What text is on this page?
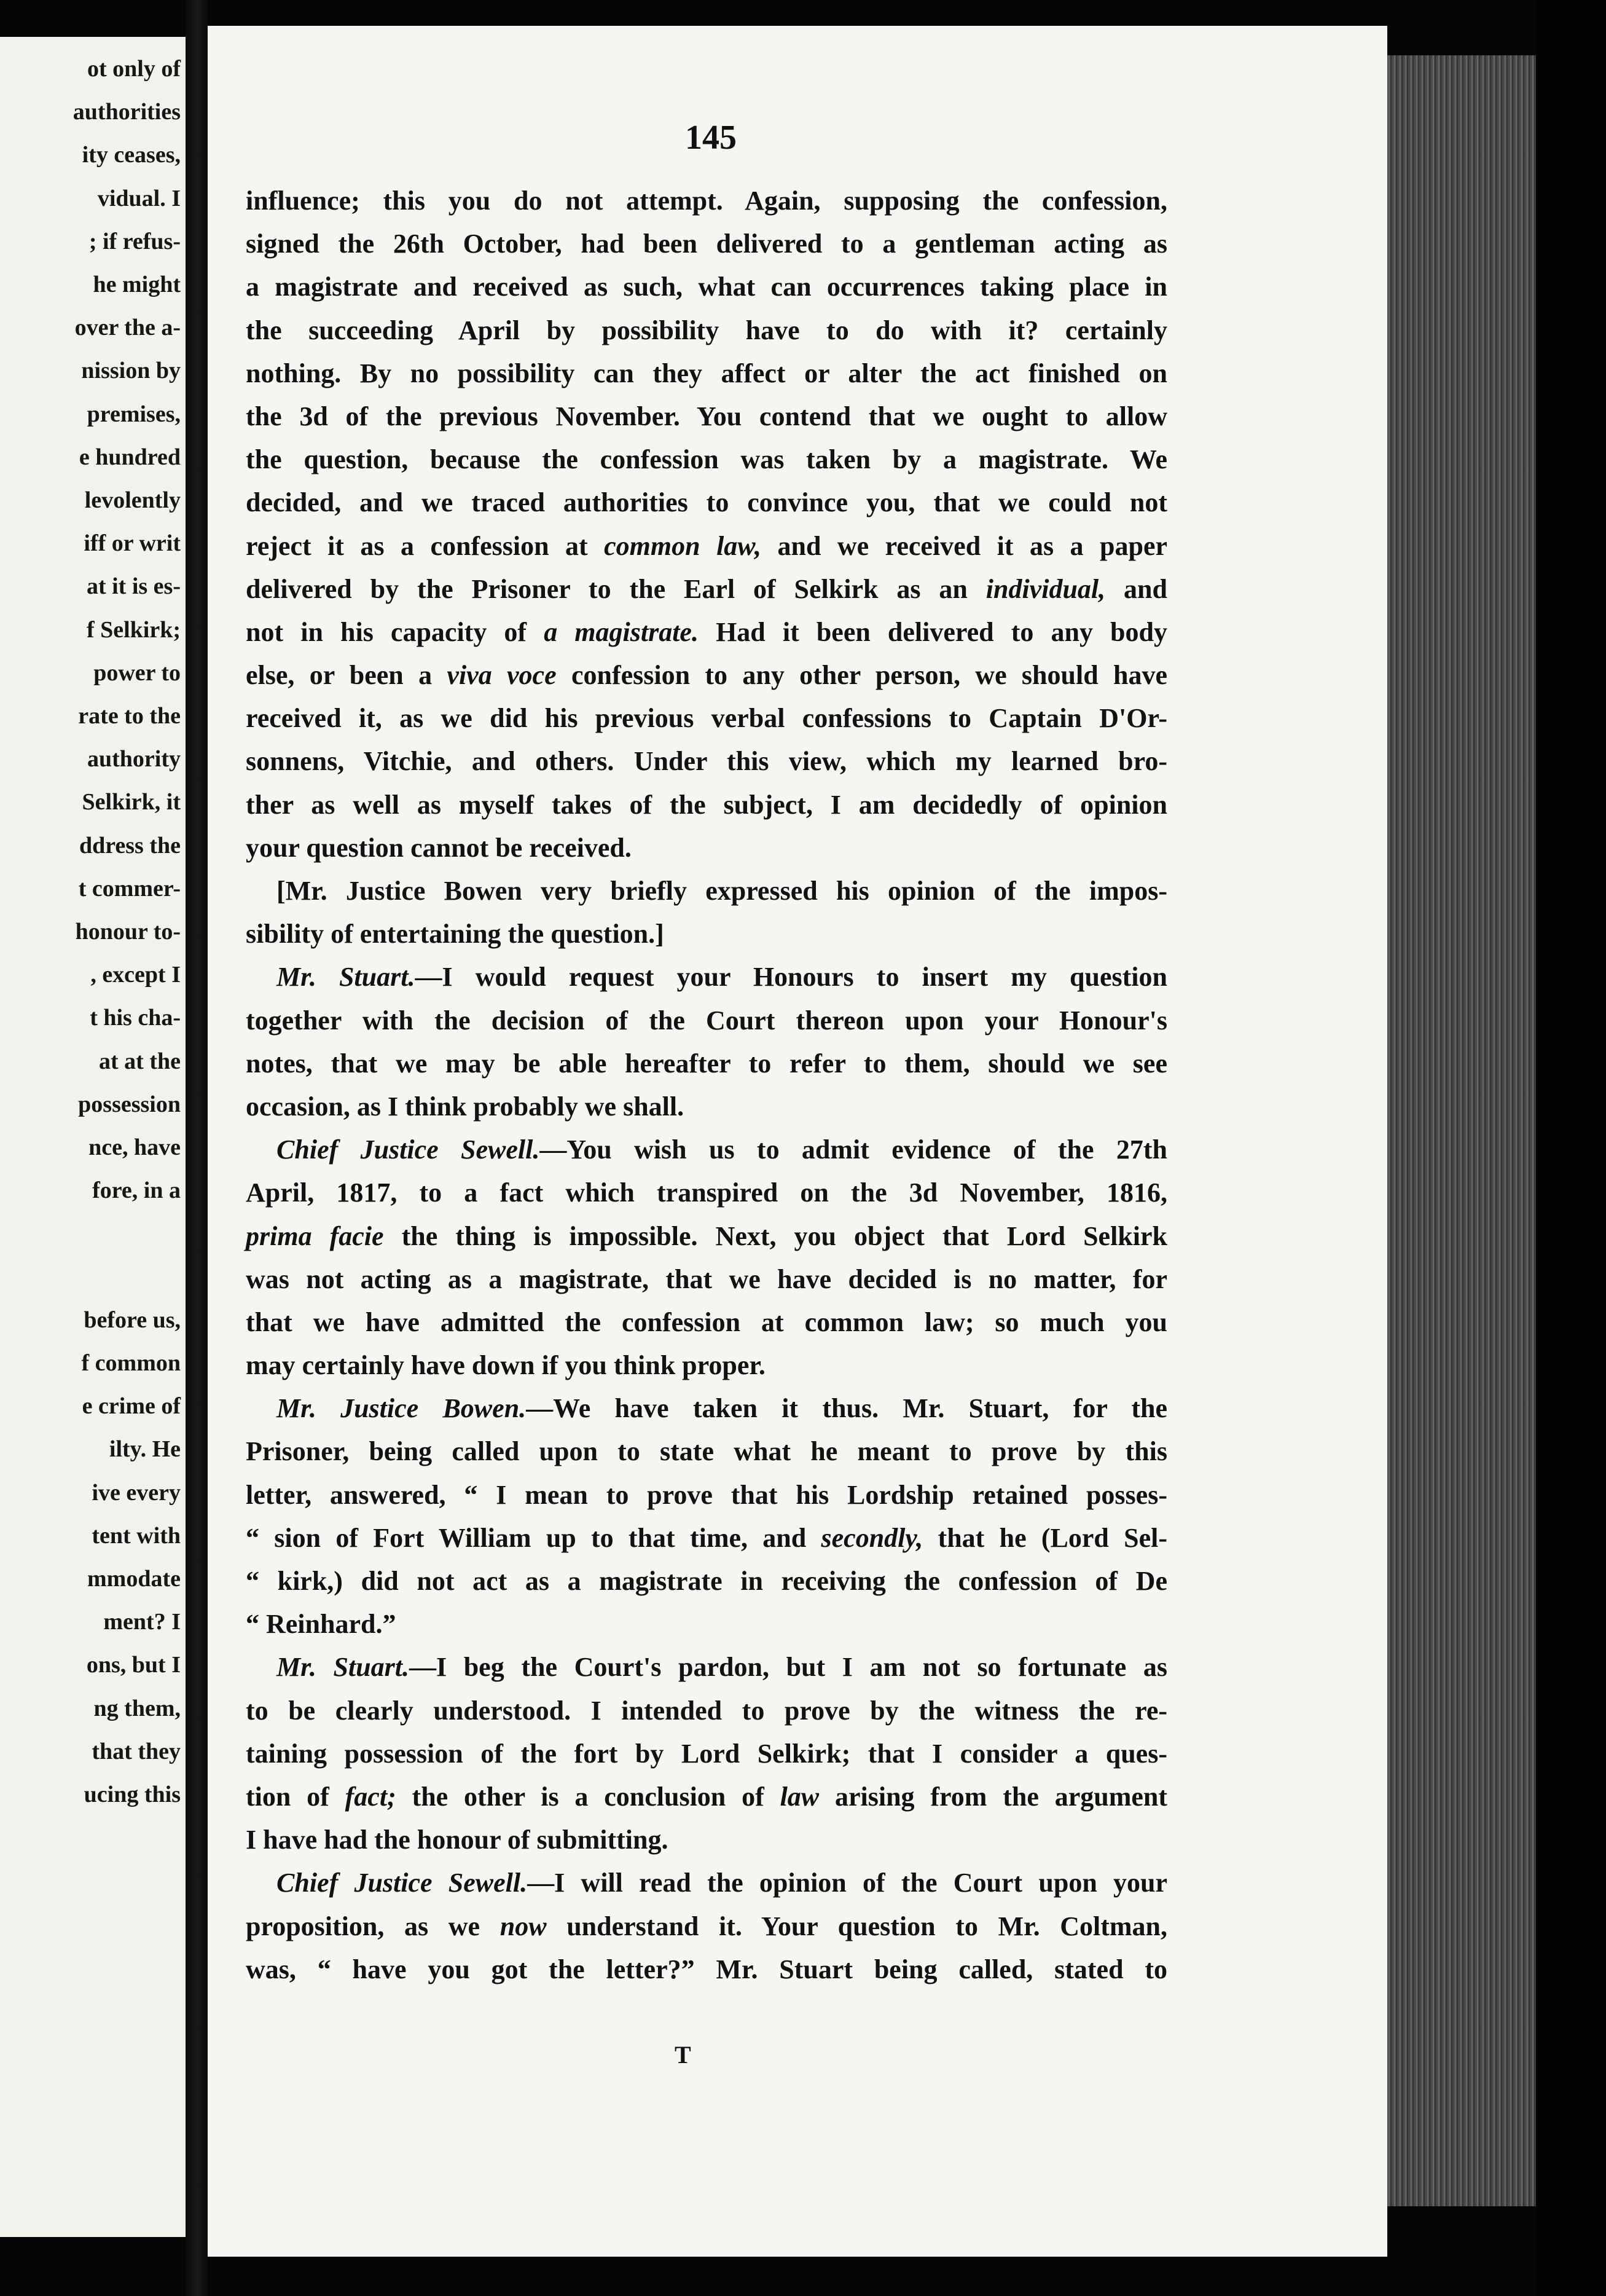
ot only of
authorities
ity ceases,
vidual. I
; if refus-
he might
over the a-
nission by
premises,
e hundred
levolently
iff or writ
at it is es-
f Selkirk;
power to
rate to the
authority
Selkirk, it
ddress the
t commer-
honour to-
, except I
t his cha-
at at the
possession
nce, have
fore, in a
before us,
f common
e crime of
ilty. He
ive every
tent with
mmodate
ment? I
ons, but I
ng them,
that they
ucing this
145
influence; this you do not attempt. Again, supposing the confession,
signed the 26th October, had been delivered to a gentleman acting as
a magistrate and received as such, what can occurrences taking place in
the succeeding April by possibility have to do with it? certainly
nothing. By no possibility can they affect or alter the act finished on
the 3d of the previous November. You contend that we ought to allow
the question, because the confession was taken by a magistrate. We
decided, and we traced authorities to convince you, that we could not
reject it as a confession at common law, and we received it as a paper
delivered by the Prisoner to the Earl of Selkirk as an individual, and
not in his capacity of a magistrate. Had it been delivered to any body
else, or been a viva voce confession to any other person, we should have
received it, as we did his previous verbal confessions to Captain D'Or-
sonnens, Vitchie, and others. Under this view, which my learned bro-
ther as well as myself takes of the subject, I am decidedly of opinion
your question cannot be received.
[Mr. Justice Bowen very briefly expressed his opinion of the impos-
sibility of entertaining the question.]
Mr. Stuart.—I would request your Honours to insert my question
together with the decision of the Court thereon upon your Honour's
notes, that we may be able hereafter to refer to them, should we see
occasion, as I think probably we shall.
Chief Justice Sewell.—You wish us to admit evidence of the 27th
April, 1817, to a fact which transpired on the 3d November, 1816,
prima facie the thing is impossible. Next, you object that Lord Selkirk
was not acting as a magistrate, that we have decided is no matter, for
that we have admitted the confession at common law; so much you
may certainly have down if you think proper.
Mr. Justice Bowen.—We have taken it thus. Mr. Stuart, for the
Prisoner, being called upon to state what he meant to prove by this
letter, answered, “ I mean to prove that his Lordship retained posses-
“ sion of Fort William up to that time, and secondly, that he (Lord Sel-
“ kirk,) did not act as a magistrate in receiving the confession of De
“ Reinhard.”
Mr. Stuart.—I beg the Court's pardon, but I am not so fortunate as
to be clearly understood. I intended to prove by the witness the re-
taining possession of the fort by Lord Selkirk; that I consider a ques-
tion of fact; the other is a conclusion of law arising from the argument
I have had the honour of submitting.
Chief Justice Sewell.—I will read the opinion of the Court upon your
proposition, as we now understand it. Your question to Mr. Coltman,
was, “ have you got the letter?” Mr. Stuart being called, stated to
T
